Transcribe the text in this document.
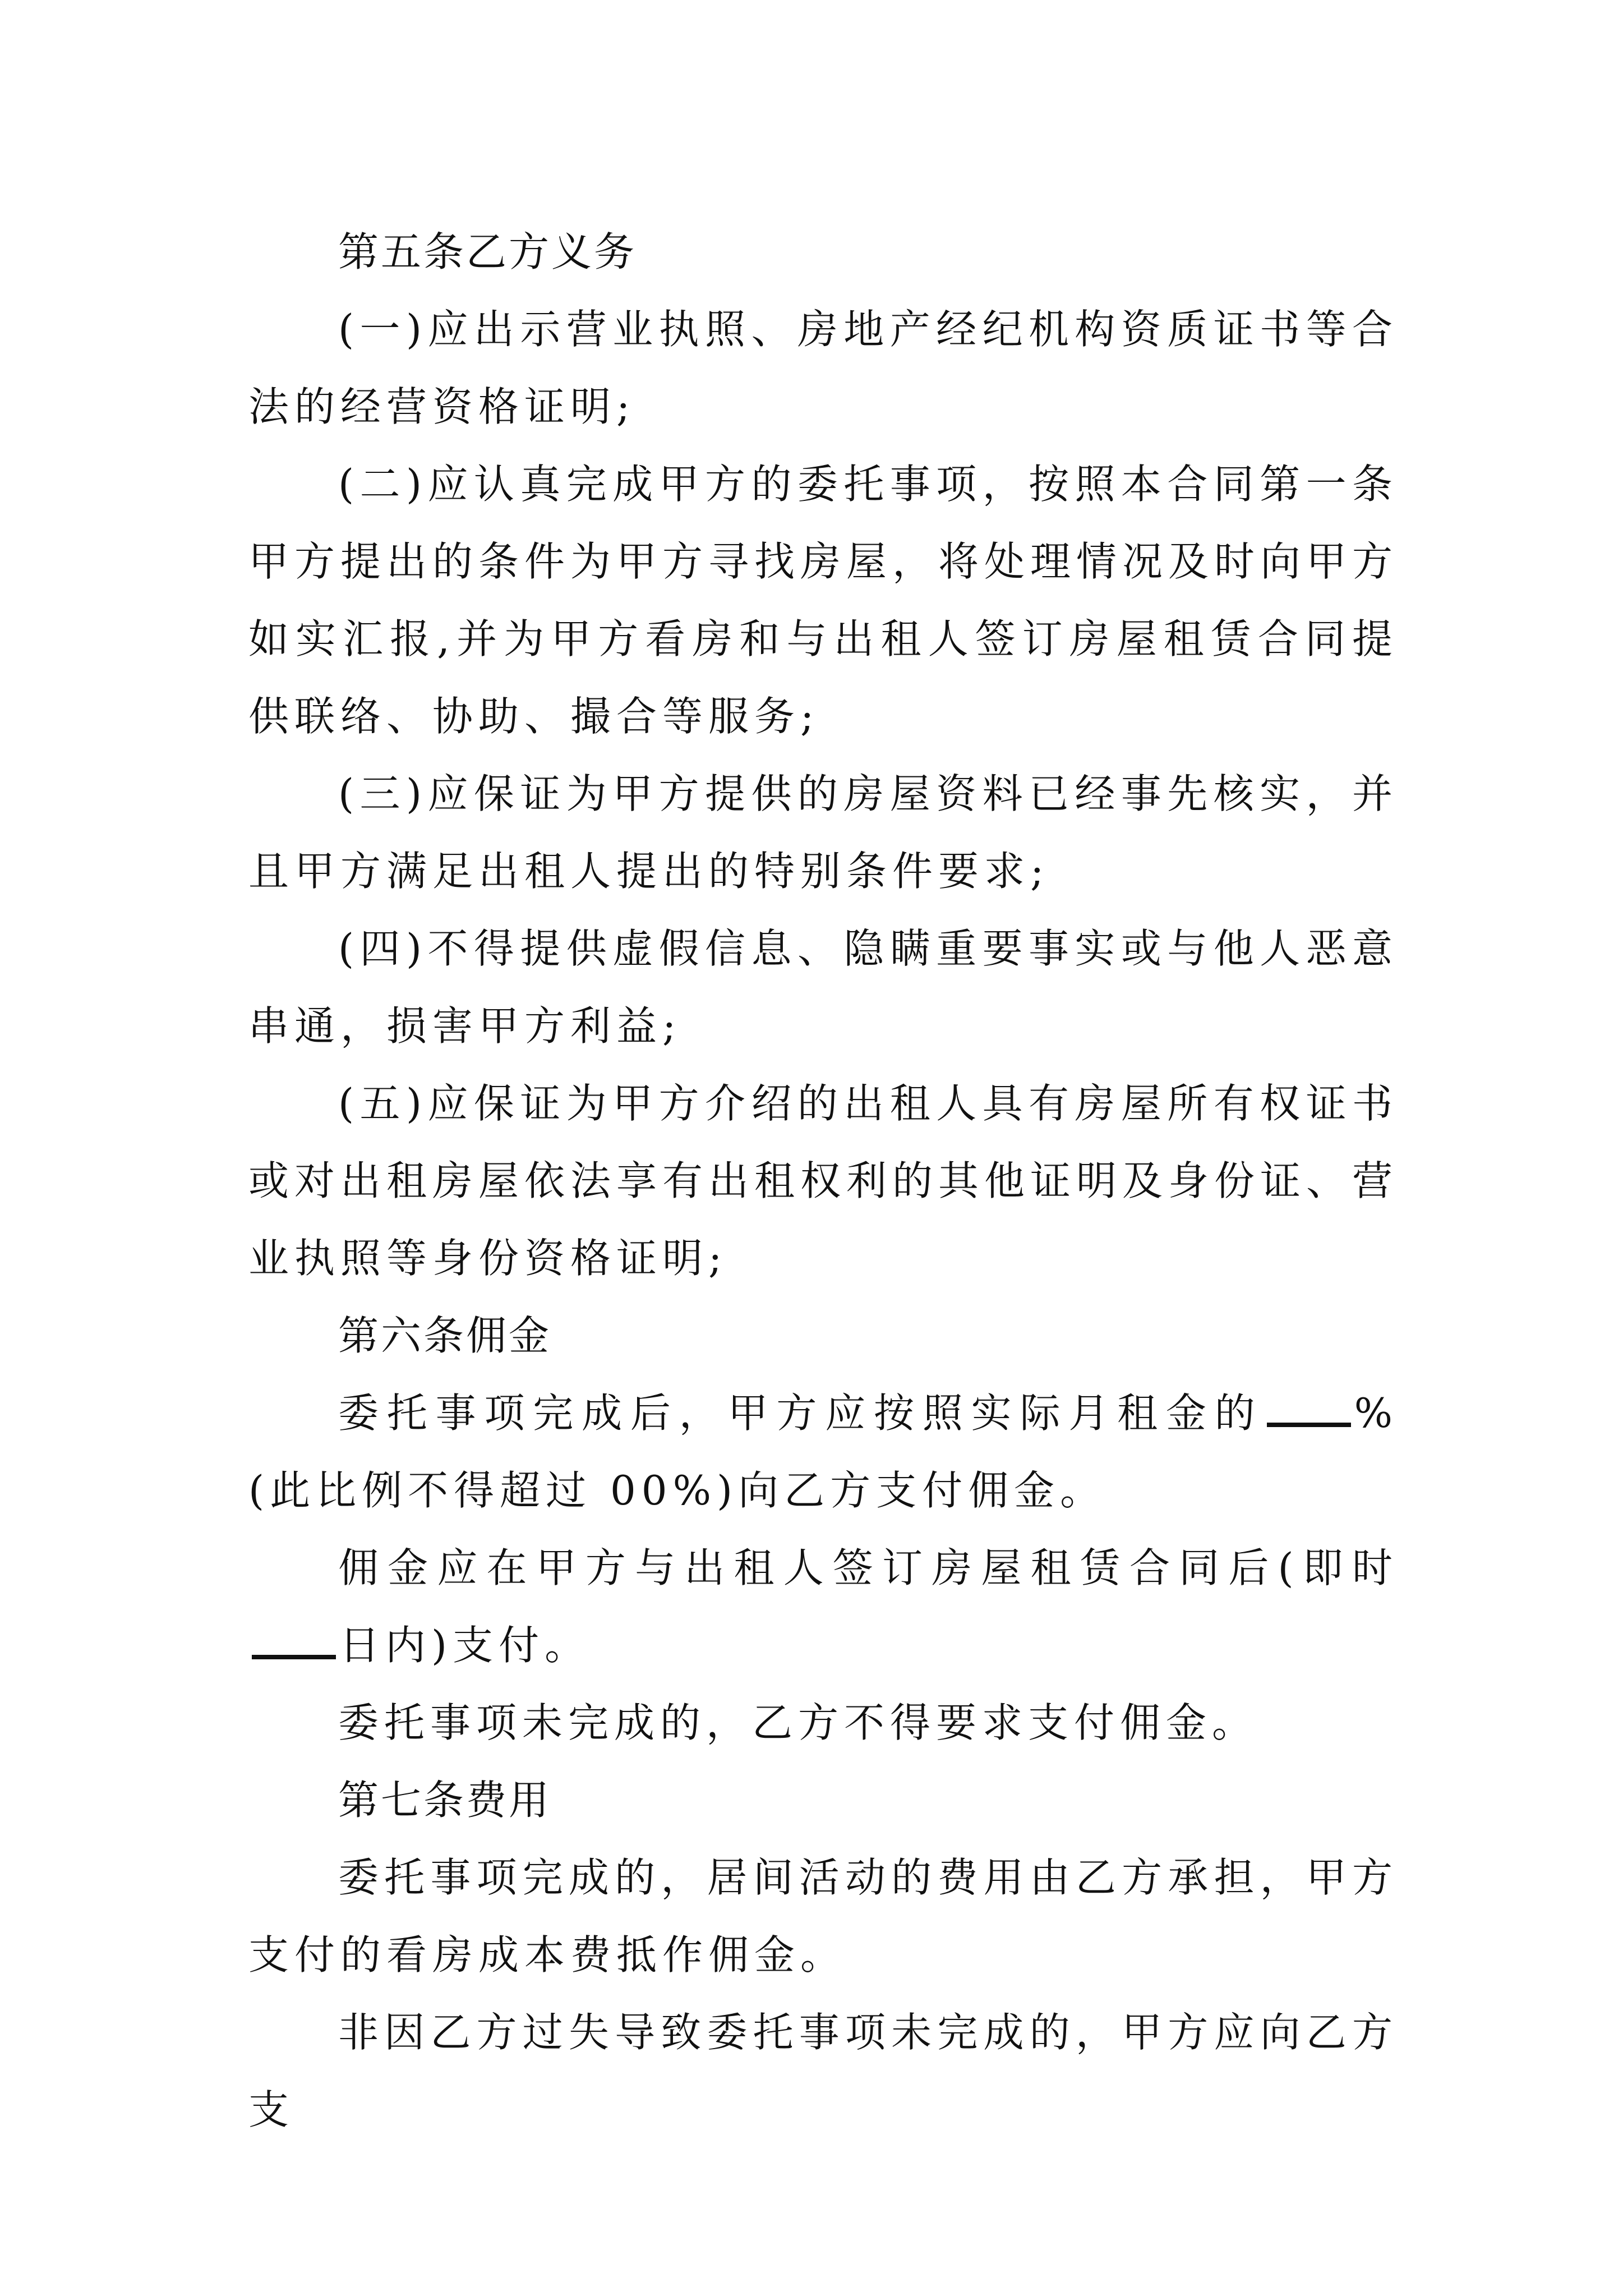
第五条乙方义务

(一)应出示营业执照、房地产经纪机构资质证书等合法的经营资格证明;

(二)应认真完成甲方的委托事项，按照本合同第一条甲方提出的条件为甲方寻找房屋，将处理情况及时向甲方如实汇报,并为甲方看房和与出租人签订房屋租赁合同提供联络、协助、撮合等服务;

(三)应保证为甲方提供的房屋资料已经事先核实，并且甲方满足出租人提出的特别条件要求;

(四)不得提供虚假信息、隐瞒重要事实或与他人恶意串通，损害甲方利益;

(五)应保证为甲方介绍的出租人具有房屋所有权证书或对出租房屋依法享有出租权利的其他证明及身份证、营业执照等身份资格证明;

第六条佣金

委托事项完成后，甲方应按照实际月租金的 %(此比例不得超过 00%)向乙方支付佣金。

佣金应在甲方与出租人签订房屋租赁合同后(即时日内)支付。

委托事项未完成的，乙方不得要求支付佣金。

第七条费用

委托事项完成的，居间活动的费用由乙方承担，甲方支付的看房成本费抵作佣金。

非因乙方过失导致委托事项未完成的，甲方应向乙方支
